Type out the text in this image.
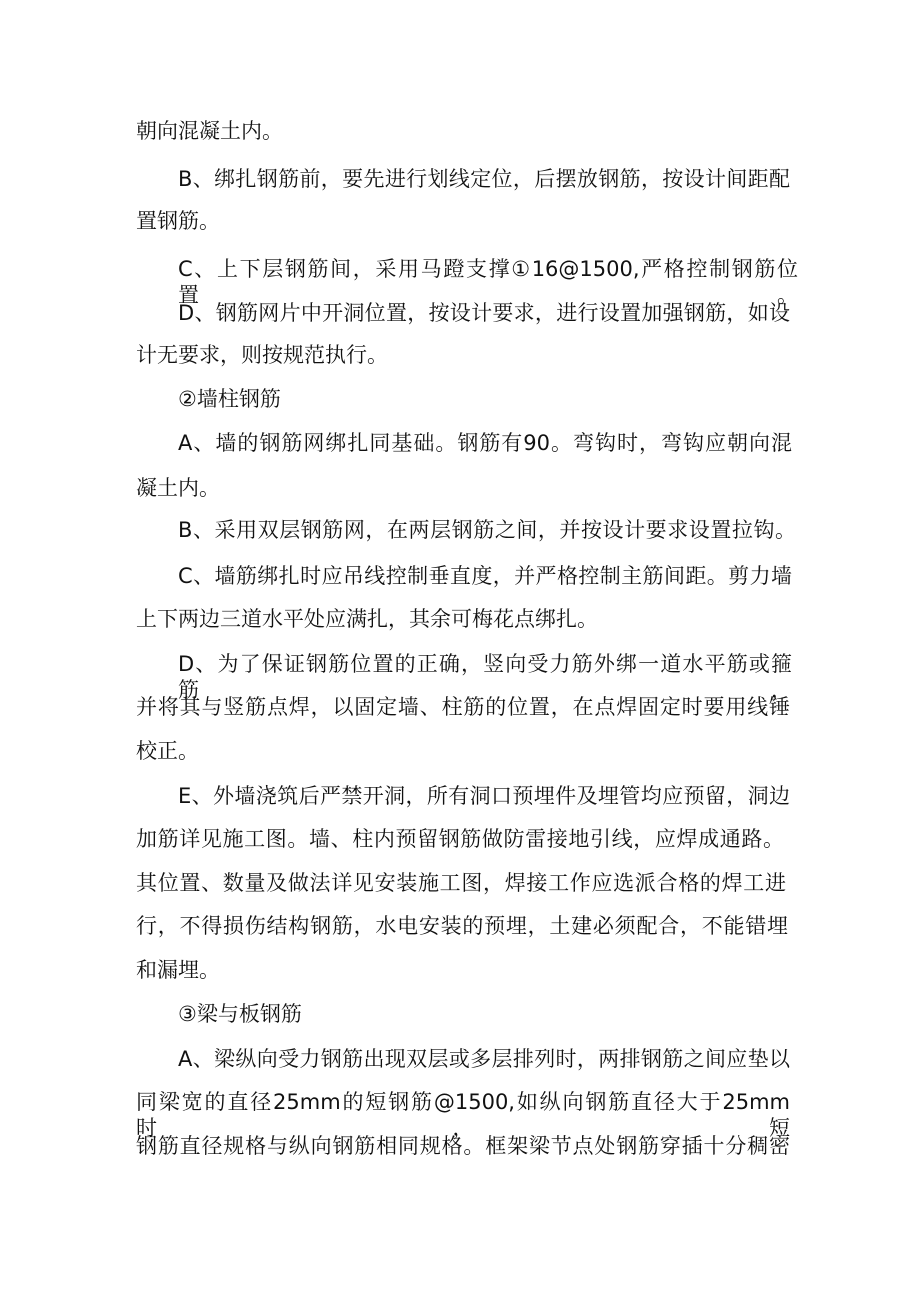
朝向混凝土内。
B、绑扎钢筋前，要先进行划线定位，后摆放钢筋，按设计间距配
置钢筋。
C、上下层钢筋间，采用马蹬支撑①16@1500,严格控制钢筋位置。
D、钢筋网片中开洞位置，按设计要求，进行设置加强钢筋，如设
计无要求，则按规范执行。
②墙柱钢筋
A、墙的钢筋网绑扎同基础。钢筋有90。弯钩时，弯钩应朝向混
凝土内。
B、采用双层钢筋网，在两层钢筋之间，并按设计要求设置拉钩。
C、墙筋绑扎时应吊线控制垂直度，并严格控制主筋间距。剪力墙
上下两边三道水平处应满扎，其余可梅花点绑扎。
D、为了保证钢筋位置的正确，竖向受力筋外绑一道水平筋或箍筋，
并将其与竖筋点焊，以固定墙、柱筋的位置，在点焊固定时要用线锤
校正。
E、外墙浇筑后严禁开洞，所有洞口预埋件及埋管均应预留，洞边
加筋详见施工图。墙、柱内预留钢筋做防雷接地引线，应焊成通路。
其位置、数量及做法详见安装施工图，焊接工作应选派合格的焊工进
行，不得损伤结构钢筋，水电安装的预埋，土建必须配合，不能错埋
和漏埋。
③梁与板钢筋
A、梁纵向受力钢筋出现双层或多层排列时，两排钢筋之间应垫以
同梁宽的直径25mm的短钢筋@1500,如纵向钢筋直径大于25mm时，短
钢筋直径规格与纵向钢筋相同规格。框架梁节点处钢筋穿插十分稠密
